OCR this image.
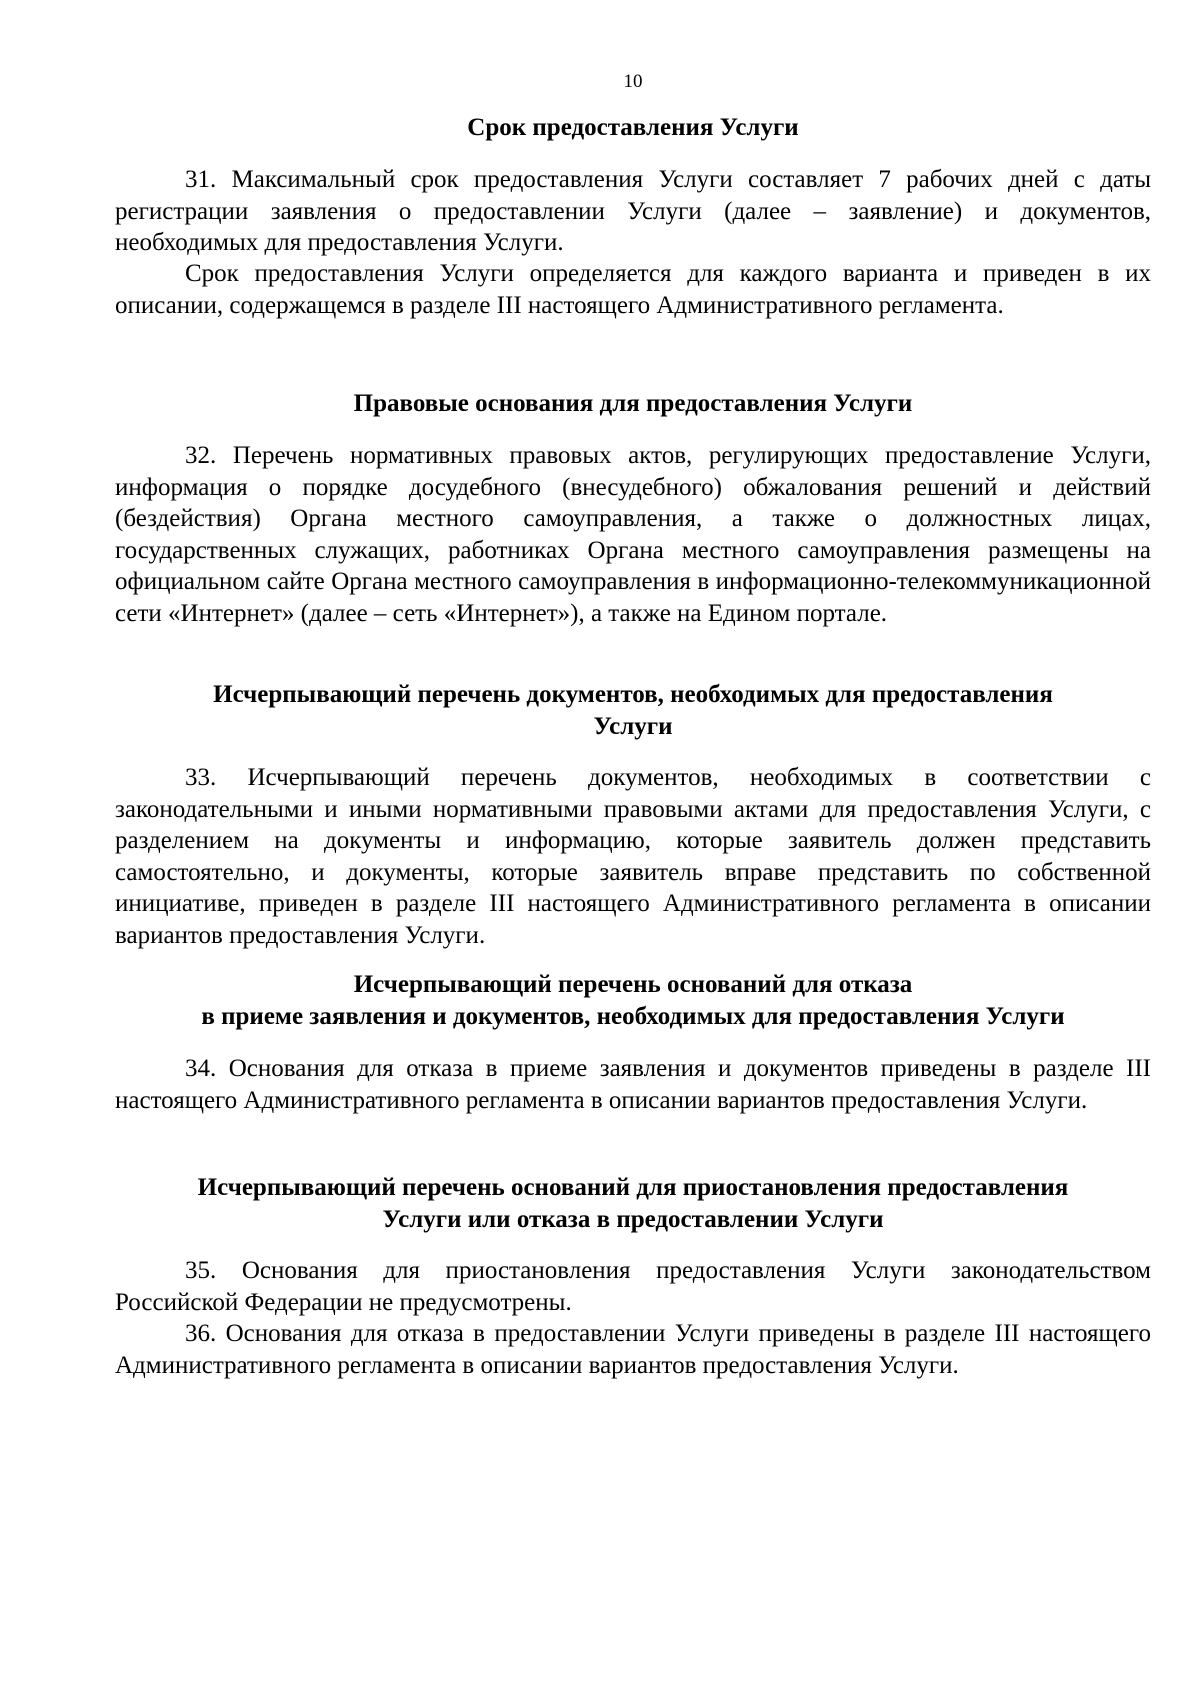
10
Срок предоставления Услуги

31. Максимальный срок предоставления Услуги составляет 7 рабочих дней с даты регистрации заявления о предоставлении Услуги (далее – заявление) и документов, необходимых для предоставления Услуги.

Срок предоставления Услуги определяется для каждого варианта и приведен в их описании, содержащемся в разделе III настоящего Административного регламента.

Правовые основания для предоставления Услуги

32. Перечень нормативных правовых актов, регулирующих предоставление Услуги, информация о порядке досудебного (внесудебного) обжалования решений и действий (бездействия) Органа местного самоуправления, а также о должностных лицах, государственных служащих, работниках Органа местного самоуправления размещены на официальном сайте Органа местного самоуправления в информационно-телекоммуникационной сети «Интернет» (далее – сеть «Интернет»), а также на Едином портале.

Исчерпывающий перечень документов, необходимых для предоставления
Услуги

33. Исчерпывающий перечень документов, необходимых в соответствии с законодательными и иными нормативными правовыми актами для предоставления Услуги, с разделением на документы и информацию, которые заявитель должен представить самостоятельно, и документы, которые заявитель вправе представить по собственной инициативе, приведен в разделе III настоящего Административного регламента в описании вариантов предоставления Услуги.

Исчерпывающий перечень оснований для отказа
в приеме заявления и документов, необходимых для предоставления Услуги

34. Основания для отказа в приеме заявления и документов приведены в разделе III настоящего Административного регламента в описании вариантов предоставления Услуги.

Исчерпывающий перечень оснований для приостановления предоставления
Услуги или отказа в предоставлении Услуги

35. Основания для приостановления предоставления Услуги законодательством Российской Федерации не предусмотрены.

36. Основания для отказа в предоставлении Услуги приведены в разделе III настоящего Административного регламента в описании вариантов предоставления Услуги.
